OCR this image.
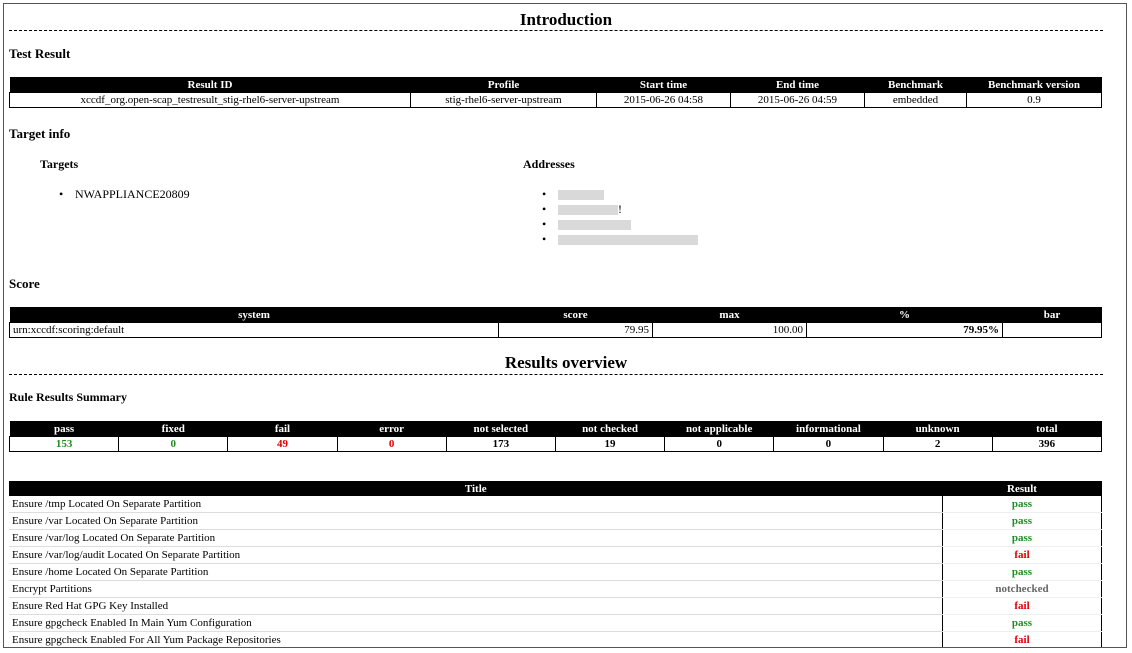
Introduction
Test Result
Result ID	Profile	Start time	End time	Benchmark	Benchmark version
xccdf_org.open-scap_testresult_stig-rhel6-server-upstream	stig-rhel6-server-upstream	2015-06-26 04:58	2015-06-26 04:59	embedded	0.9
Target info
Targets
• NWAPPLIANCE20809
Addresses
•
• !
•
•
Score
system	score	max	%	bar
urn:xccdf:scoring:default	79.95	100.00	79.95%	
Results overview
Rule Results Summary
pass	fixed	fail	error	not selected	not checked	not applicable	informational	unknown	total
153	0	49	0	173	19	0	0	2	396
Title	Result
Ensure /tmp Located On Separate Partition	pass
Ensure /var Located On Separate Partition	pass
Ensure /var/log Located On Separate Partition	pass
Ensure /var/log/audit Located On Separate Partition	fail
Ensure /home Located On Separate Partition	pass
Encrypt Partitions	notchecked
Ensure Red Hat GPG Key Installed	fail
Ensure gpgcheck Enabled In Main Yum Configuration	pass
Ensure gpgcheck Enabled For All Yum Package Repositories	fail
